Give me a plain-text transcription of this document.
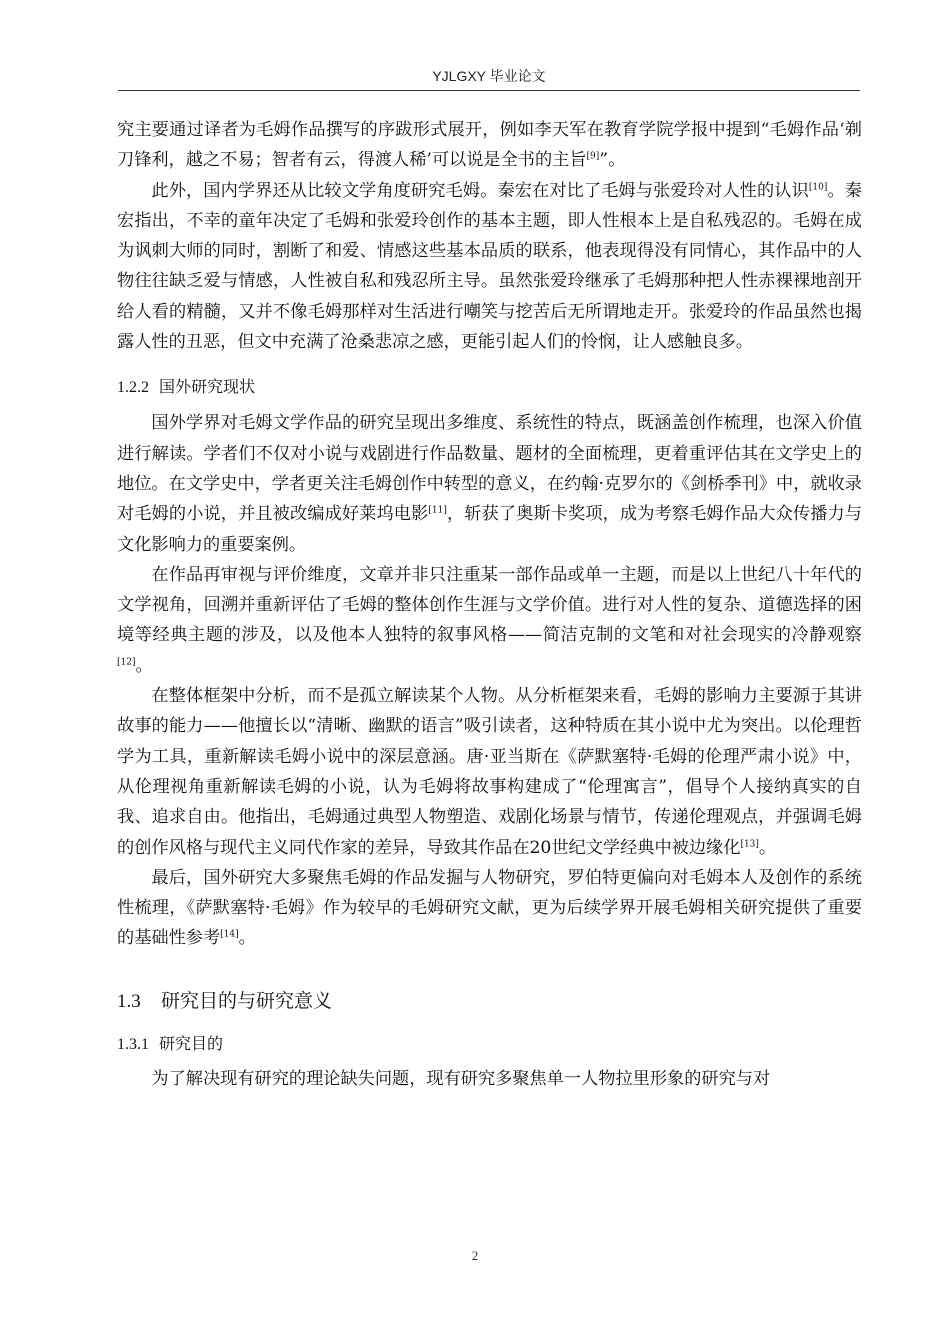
YJLGXY 毕业论文

究主要通过译者为毛姆作品撰写的序跋形式展开，例如李天军在教育学院学报中提到“毛姆作品‘剃刀锋利，越之不易；智者有云，得渡人稀’可以说是全书的主旨[9]”。

此外，国内学界还从比较文学角度研究毛姆。秦宏在对比了毛姆与张爱玲对人性的认识[10]。秦宏指出，不幸的童年决定了毛姆和张爱玲创作的基本主题，即人性根本上是自私残忍的。毛姆在成为讽刺大师的同时，割断了和爱、情感这些基本品质的联系，他表现得没有同情心，其作品中的人物往往缺乏爱与情感，人性被自私和残忍所主导。虽然张爱玲继承了毛姆那种把人性赤裸裸地剖开给人看的精髓，又并不像毛姆那样对生活进行嘲笑与挖苦后无所谓地走开。张爱玲的作品虽然也揭露人性的丑恶，但文中充满了沧桑悲凉之感，更能引起人们的怜悯，让人感触良多。

1.2.2 国外研究现状

国外学界对毛姆文学作品的研究呈现出多维度、系统性的特点，既涵盖创作梳理，也深入价值进行解读。学者们不仅对小说与戏剧进行作品数量、题材的全面梳理，更着重评估其在文学史上的地位。在文学史中，学者更关注毛姆创作中转型的意义，在约翰·克罗尔的《剑桥季刊》中，就收录对毛姆的小说，并且被改编成好莱坞电影[11]，斩获了奥斯卡奖项，成为考察毛姆作品大众传播力与文化影响力的重要案例。

在作品再审视与评价维度，文章并非只注重某一部作品或单一主题，而是以上世纪八十年代的文学视角，回溯并重新评估了毛姆的整体创作生涯与文学价值。进行对人性的复杂、道德选择的困境等经典主题的涉及，以及他本人独特的叙事风格——简洁克制的文笔和对社会现实的冷静观察[12]。

在整体框架中分析，而不是孤立解读某个人物。从分析框架来看，毛姆的影响力主要源于其讲故事的能力——他擅长以“清晰、幽默的语言”吸引读者，这种特质在其小说中尤为突出。以伦理哲学为工具，重新解读毛姆小说中的深层意涵。唐·亚当斯在《萨默塞特·毛姆的伦理严肃小说》中，从伦理视角重新解读毛姆的小说，认为毛姆将故事构建成了“伦理寓言”，倡导个人接纳真实的自我、追求自由。他指出，毛姆通过典型人物塑造、戏剧化场景与情节，传递伦理观点，并强调毛姆的创作风格与现代主义同代作家的差异，导致其作品在20世纪文学经典中被边缘化[13]。

最后，国外研究大多聚焦毛姆的作品发掘与人物研究，罗伯特更偏向对毛姆本人及创作的系统性梳理，《萨默塞特·毛姆》作为较早的毛姆研究文献，更为后续学界开展毛姆相关研究提供了重要的基础性参考[14]。

1.3 研究目的与研究意义
1.3.1 研究目的

为了解决现有研究的理论缺失问题，现有研究多聚焦单一人物拉里形象的研究与对

2
